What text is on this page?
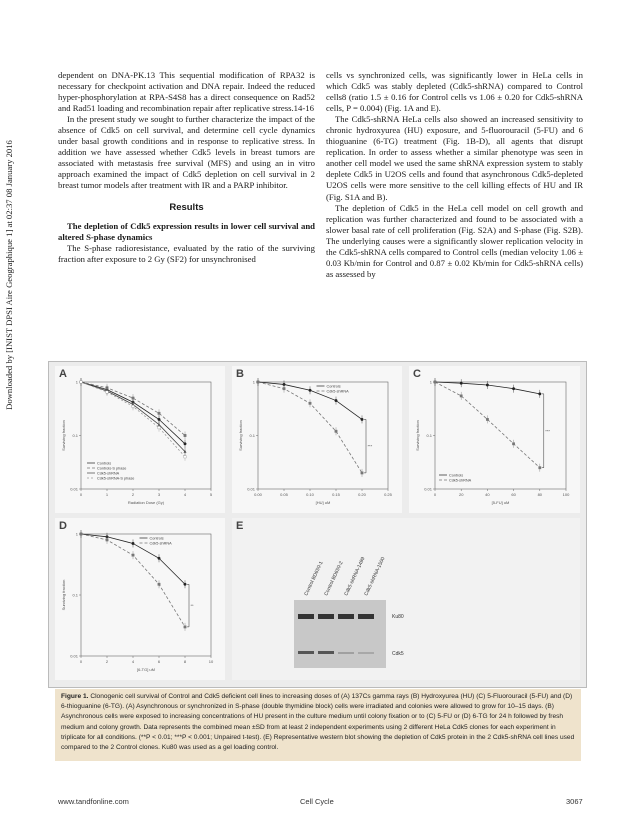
Downloaded by [INIST DPSI Aire Geographique 1] at 02:37 08 January 2016

dependent on DNA-PK.13 This sequential modification of RPA32 is necessary for checkpoint activation and DNA repair. Indeed the reduced hyper-phosphorylation at RPA-S4S8 has a direct consequence on Rad52 and Rad51 loading and recombination repair after replicative stress.14-16

In the present study we sought to further characterize the impact of the absence of Cdk5 on cell survival, and determine cell cycle dynamics under basal growth conditions and in response to replicative stress. In addition we have assessed whether Cdk5 levels in breast tumors are associated with metastasis free survival (MFS) and using an in vitro approach examined the impact of Cdk5 depletion on cell survival in 2 breast tumor models after treatment with IR and a PARP inhibitor.

Results

The depletion of Cdk5 expression results in lower cell survival and altered S-phase dynamics

The S-phase radioresistance, evaluated by the ratio of the surviving fraction after exposure to 2 Gy (SF2) for unsynchronised

cells vs synchronized cells, was significantly lower in HeLa cells in which Cdk5 was stably depleted (Cdk5-shRNA) compared to Control cells8 (ratio 1.5 ± 0.16 for Control cells vs 1.06 ± 0.20 for Cdk5-shRNA cells, P = 0.004) (Fig. 1A and E).

The Cdk5-shRNA HeLa cells also showed an increased sensitivity to chronic hydroxyurea (HU) exposure, and 5-fluorouracil (5-FU) and 6 thioguanine (6-TG) treatment (Fig. 1B-D), all agents that disrupt replication. In order to assess whether a similar phenotype was seen in another cell model we used the same shRNA expression system to stably deplete Cdk5 in U2OS cells and found that asynchronous Cdk5-depleted U2OS cells were more sensitive to the cell killing effects of HU and IR (Fig. S1A and B).

The depletion of Cdk5 in the HeLa cell model on cell growth and replication was further characterized and found to be associated with a slower basal rate of cell proliferation (Fig. S2A) and S-phase (Fig. S2B). The underlying causes were a significantly slower replication velocity in the Cdk5-shRNA cells compared to Control cells (median velocity 1.06 ± 0.03 Kb/min for Control and 0.87 ± 0.02 Kb/min for Cdk5-shRNA cells) as assessed by

A
1
0.1
0.01
Surviving fraction
0	1	2	3	4	5
Radiation Dose (Gy)
Controls
Controls-S phase
Cdk5-shRNA
Cdk5-shRNA-S phase
B
1
0.1
0.01
Surviving fraction
0.00	0.05	0.10	0.15	0.20	0.25
[HU] uM
Controls
Cdk5-shRNA
***
C
1
0.1
0.01
Surviving fraction
0	20	40	60	80	100
[5-FU] uM
Controls
Cdk5-shRNA
***
D
1
0.1
0.01
Surviving fraction
0	2	4	6	8	10
[6-TG] uM
Controls
Cdk5-shRNA
**
E
Control BD650-1
Control BD650-2
Cdk5-shRNA-1499
Cdk5-shRNA-1500
Ku80
Cdk5
Figure 1. Clonogenic cell survival of Control and Cdk5 deficient cell lines to increasing doses of (A) 137Cs gamma rays (B) Hydroxyurea (HU) (C) 5-Fluorouracil (5-FU) and (D) 6-thioguanine (6-TG). (A) Asynchronous or synchronized in S-phase (double thymidine block) cells were irradiated and colonies were allowed to grow for 10–15 days. (B) Asynchronous cells were exposed to increasing concentrations of HU present in the culture medium until colony fixation or to (C) 5-FU or (D) 6-TG for 24 h followed by fresh medium and colony growth. Data represents the combined mean ±SD from at least 2 independent experiments using 2 different HeLa Cdk5 clones for each experiment in triplicate for all conditions. (**P < 0.01; ***P < 0.001; Unpaired t-test). (E) Representative western blot showing the depletion of Cdk5 protein in the 2 Cdk5-shRNA cell lines used compared to the 2 Control clones. Ku80 was used as a gel loading control.
www.tandfonline.com	Cell Cycle	3067
